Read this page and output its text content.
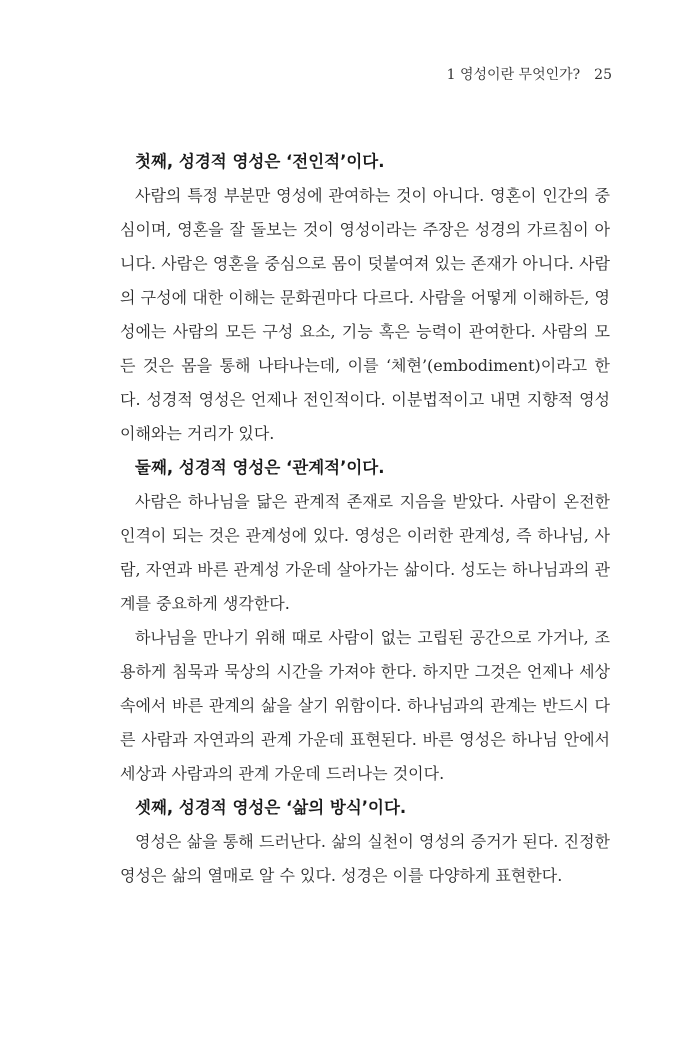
1 영성이란 무엇인가? 25
첫째, 성경적 영성은 ‘전인적’이다.

사람의 특정 부분만 영성에 관여하는 것이 아니다. 영혼이 인간의 중심이며, 영혼을 잘 돌보는 것이 영성이라는 주장은 성경의 가르침이 아니다. 사람은 영혼을 중심으로 몸이 덧붙여져 있는 존재가 아니다. 사람의 구성에 대한 이해는 문화권마다 다르다. 사람을 어떻게 이해하든, 영성에는 사람의 모든 구성 요소, 기능 혹은 능력이 관여한다. 사람의 모든 것은 몸을 통해 나타나는데, 이를 ‘체현’(embodiment)이라고 한다. 성경적 영성은 언제나 전인적이다. 이분법적이고 내면 지향적 영성 이해와는 거리가 있다.

둘째, 성경적 영성은 ‘관계적’이다.

사람은 하나님을 닮은 관계적 존재로 지음을 받았다. 사람이 온전한 인격이 되는 것은 관계성에 있다. 영성은 이러한 관계성, 즉 하나님, 사람, 자연과 바른 관계성 가운데 살아가는 삶이다. 성도는 하나님과의 관계를 중요하게 생각한다.

하나님을 만나기 위해 때로 사람이 없는 고립된 공간으로 가거나, 조용하게 침묵과 묵상의 시간을 가져야 한다. 하지만 그것은 언제나 세상 속에서 바른 관계의 삶을 살기 위함이다. 하나님과의 관계는 반드시 다른 사람과 자연과의 관계 가운데 표현된다. 바른 영성은 하나님 안에서 세상과 사람과의 관계 가운데 드러나는 것이다.

셋째, 성경적 영성은 ‘삶의 방식’이다.

영성은 삶을 통해 드러난다. 삶의 실천이 영성의 증거가 된다. 진정한 영성은 삶의 열매로 알 수 있다. 성경은 이를 다양하게 표현한다.
